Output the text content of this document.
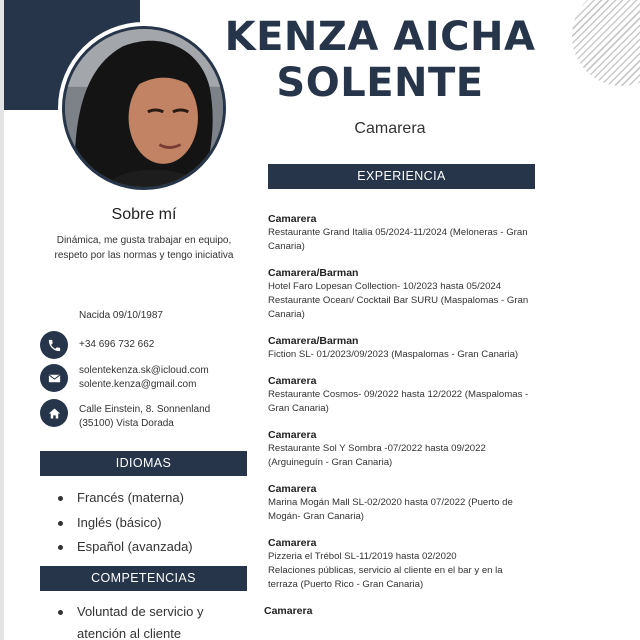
KENZA AICHA
SOLENTE
Camarera
EXPERIENCIA
Sobre mí
Dinámica, me gusta trabajar en equipo, respeto por las normas y tengo iniciativa
Nacida 09/10/1987
+34 696 732 662
solentekenza.sk@icloud.com
solente.kenza@gmail.com
Calle Einstein, 8. Sonnenland
(35100) Vista Dorada
IDIOMAS
Francés (materna)
Inglés (básico)
Español (avanzada)
COMPETENCIAS
Voluntad de servicio y atención al cliente
Camarera
Restaurante Grand Italia 05/2024-11/2024 (Meloneras - Gran
Canaria)
Camarera/Barman
Hotel Faro Lopesan Collection- 10/2023 hasta 05/2024
Restaurante Ocean/ Cocktail Bar SURU (Maspalomas - Gran
Canaria)
Camarera/Barman
Fiction SL- 01/2023/09/2023 (Maspalomas - Gran Canaria)
Camarera
Restaurante Cosmos- 09/2022 hasta 12/2022 (Maspalomas -
Gran Canaria)
Camarera
Restaurante Sol Y Sombra -07/2022 hasta 09/2022
(Arguineguín - Gran Canaria)
Camarera
Marina Mogán Mall SL-02/2020 hasta 07/2022 (Puerto de
Mogán- Gran Canaria)
Camarera
Pizzeria el Trébol SL-11/2019 hasta 02/2020
Relaciones públicas, servicio al cliente en el bar y en la
terraza (Puerto Rico - Gran Canaria)
Camarera
